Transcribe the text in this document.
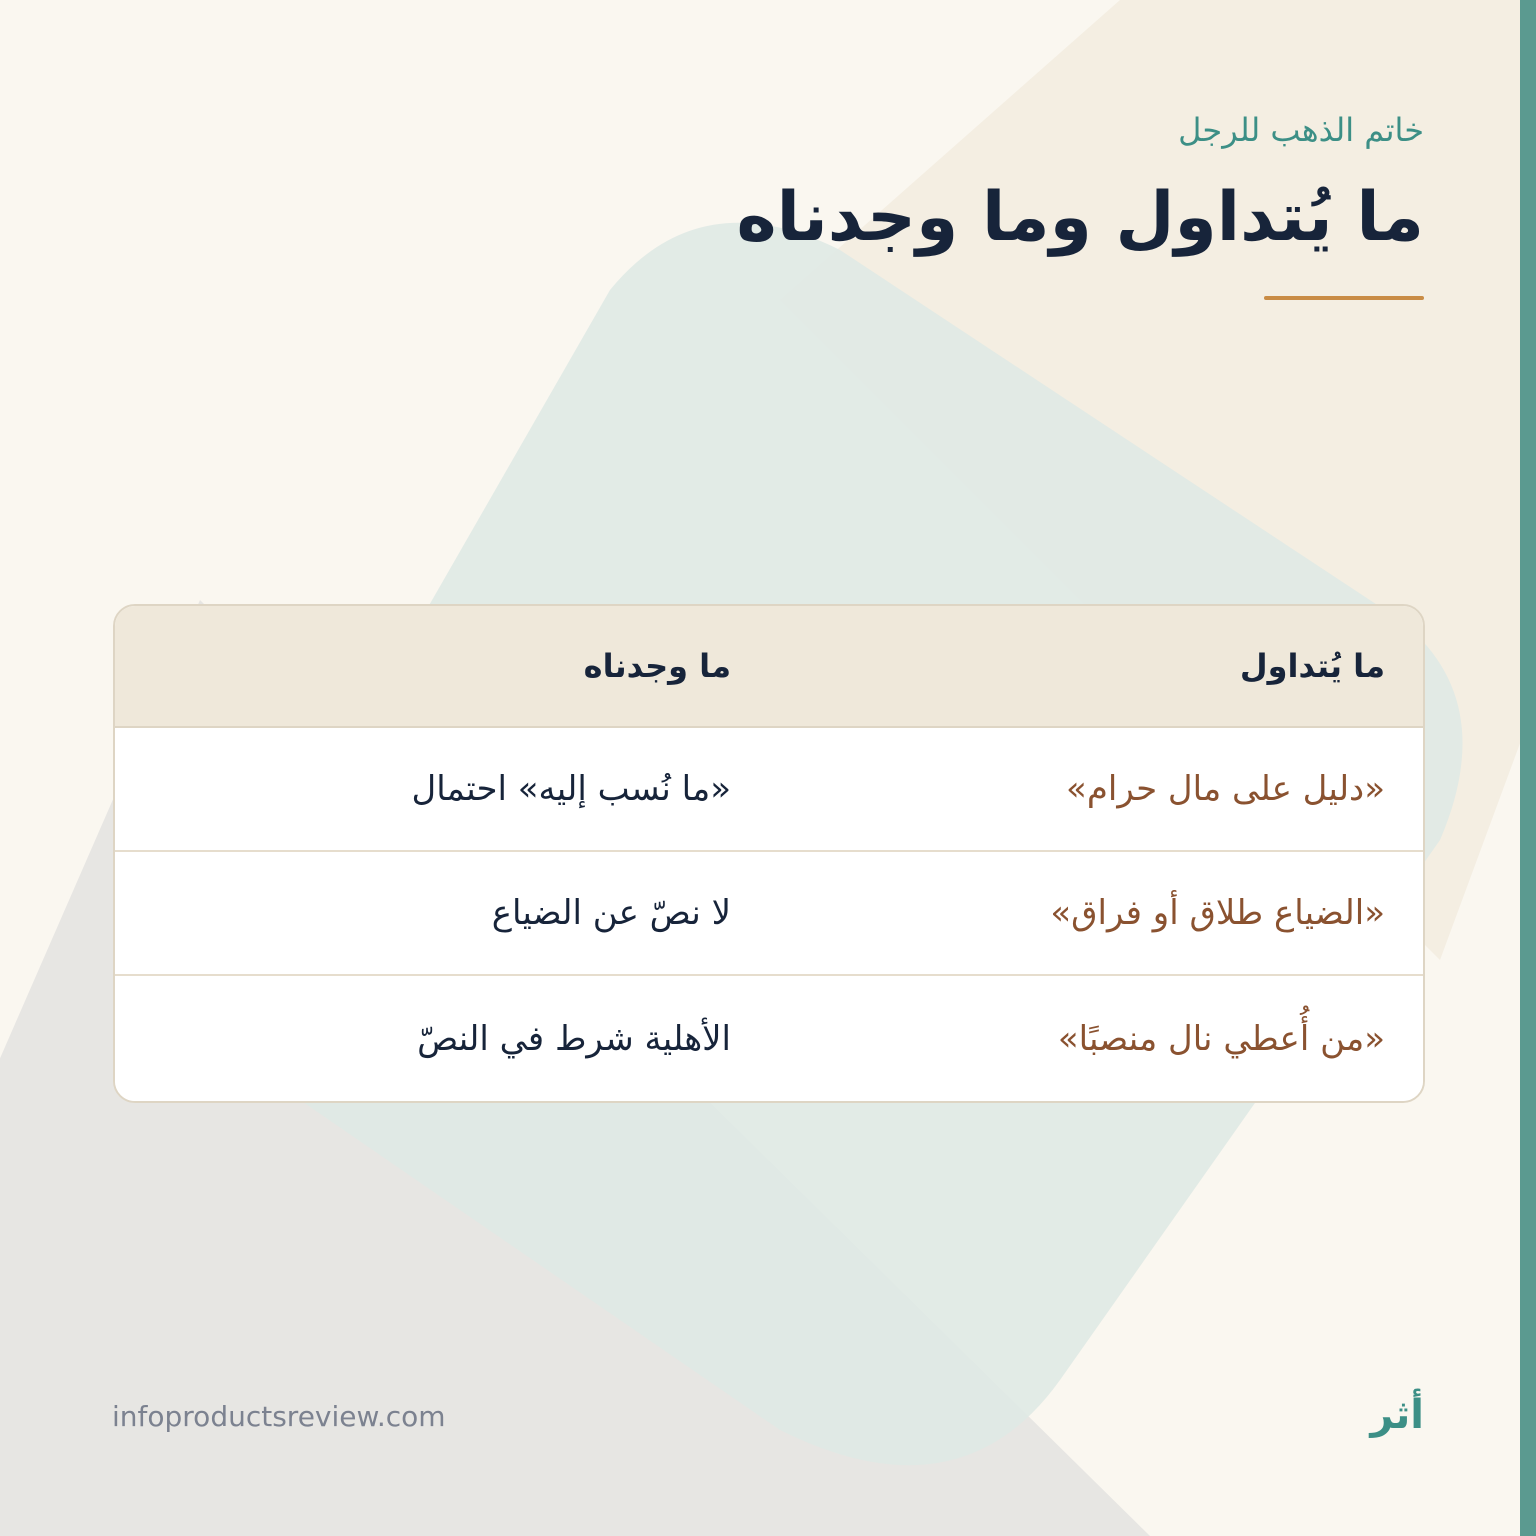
خاتم الذهب للرجل

ما يُتداول وما وجدناه
ما يُتداول
ما وجدناه
«دليل على مال حرام»
«ما نُسب إليه» احتمال
«الضياع طلاق أو فراق»
لا نصّ عن الضياع
«من أُعطي نال منصبًا»
الأهلية شرط في النصّ
infoproductsreview.com	أثر
